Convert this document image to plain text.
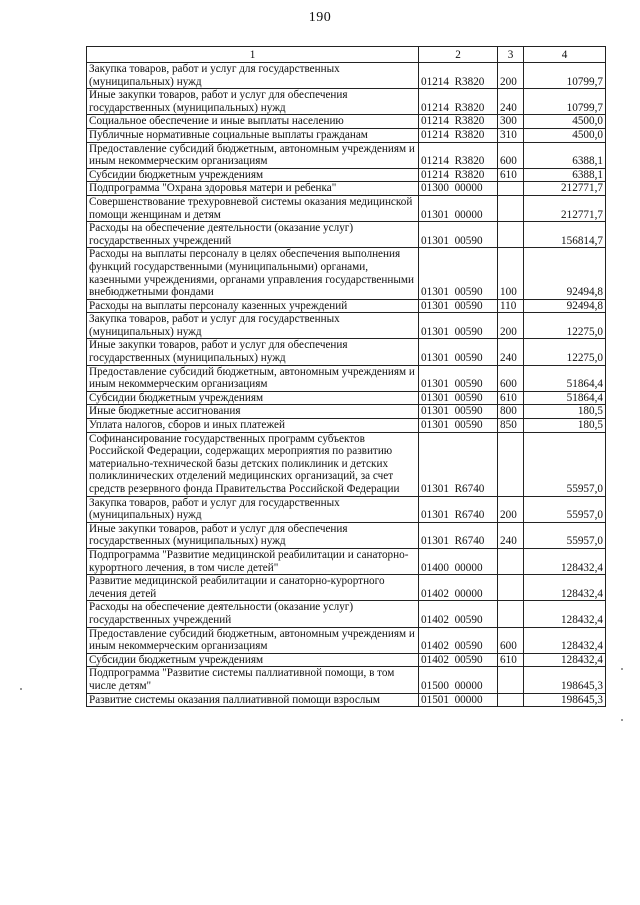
190
1	2	3	4
Закупка товаров, работ и услуг для государственных (муниципальных) нужд	01214  R3820	200	10799,7
Иные закупки товаров, работ и услуг для обеспечения государственных (муниципальных) нужд	01214  R3820	240	10799,7
Социальное обеспечение и иные выплаты населению	01214  R3820	300	4500,0
Публичные нормативные социальные выплаты гражданам	01214  R3820	310	4500,0
Предоставление субсидий бюджетным, автономным учреждениям и иным некоммерческим организациям	01214  R3820	600	6388,1
Субсидии бюджетным учреждениям	01214  R3820	610	6388,1
Подпрограмма "Охрана здоровья матери и ребенка"	01300  00000		212771,7
Совершенствование трехуровневой системы оказания медицинской помощи женщинам и детям	01301  00000		212771,7
Расходы на обеспечение деятельности (оказание услуг) государственных учреждений	01301  00590		156814,7
Расходы на выплаты персоналу в целях обеспечения выполнения функций государственными (муниципальными) органами, казенными учреждениями, органами управления государственными внебюджетными фондами	01301  00590	100	92494,8
Расходы на выплаты персоналу казенных учреждений	01301  00590	110	92494,8
Закупка товаров, работ и услуг для государственных (муниципальных) нужд	01301  00590	200	12275,0
Иные закупки товаров, работ и услуг для обеспечения государственных (муниципальных) нужд	01301  00590	240	12275,0
Предоставление субсидий бюджетным, автономным учреждениям и иным некоммерческим организациям	01301  00590	600	51864,4
Субсидии бюджетным учреждениям	01301  00590	610	51864,4
Иные бюджетные ассигнования	01301  00590	800	180,5
Уплата налогов, сборов и иных платежей	01301  00590	850	180,5
Софинансирование государственных программ субъектов Российской Федерации, содержащих мероприятия по развитию материально-технической базы детских поликлиник и детских поликлинических отделений медицинских организаций, за счет средств резервного фонда Правительства Российской Федерации	01301  R6740		55957,0
Закупка товаров, работ и услуг для государственных (муниципальных) нужд	01301  R6740	200	55957,0
Иные закупки товаров, работ и услуг для обеспечения государственных (муниципальных) нужд	01301  R6740	240	55957,0
Подпрограмма "Развитие медицинской реабилитации и санаторно-курортного лечения, в том числе детей"	01400  00000		128432,4
Развитие медицинской реабилитации и санаторно-курортного лечения детей	01402  00000		128432,4
Расходы на обеспечение деятельности (оказание услуг) государственных учреждений	01402  00590		128432,4
Предоставление субсидий бюджетным, автономным учреждениям и иным некоммерческим организациям	01402  00590	600	128432,4
Субсидии бюджетным учреждениям	01402  00590	610	128432,4
Подпрограмма "Развитие системы паллиативной помощи, в том числе детям"	01500  00000		198645,3
Развитие системы оказания паллиативной помощи взрослым	01501  00000		198645,3
